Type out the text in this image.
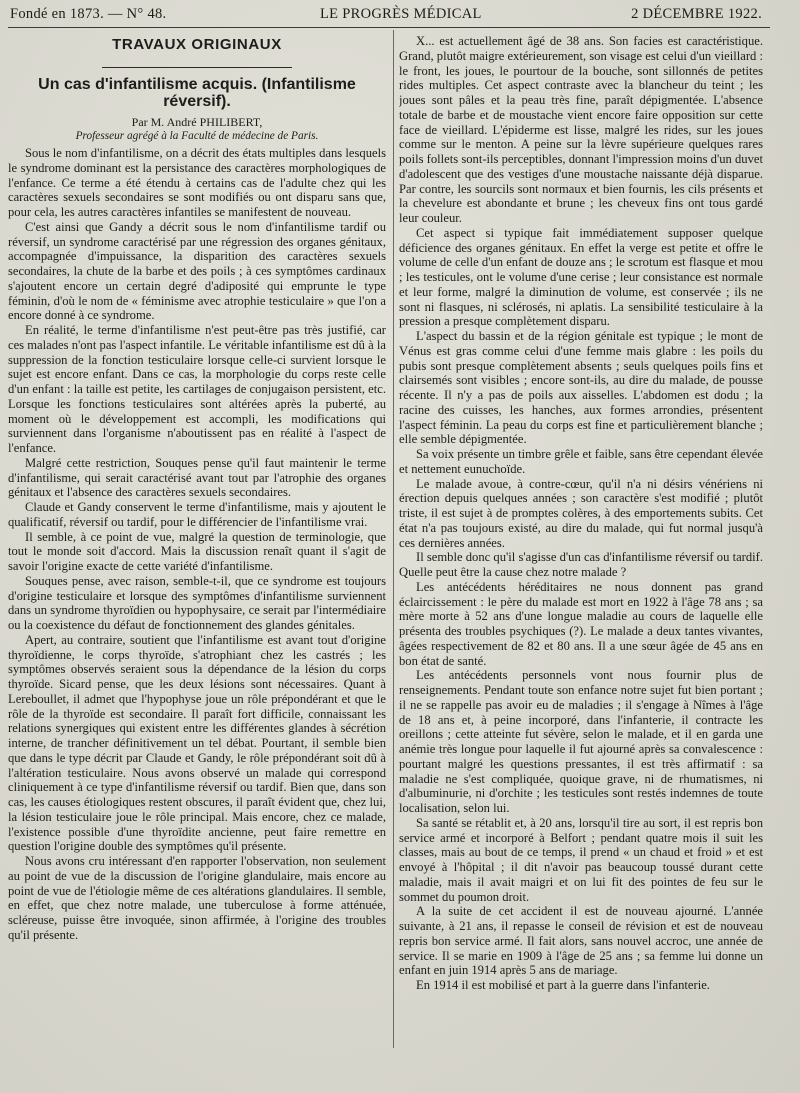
Fondé en 1873. — N° 48.	LE PROGRÈS MÉDICAL	2 DÉCEMBRE 1922.
TRAVAUX ORIGINAUX
Un cas d'infantilisme acquis. (Infantilisme réversif).
Par M. André PHILIBERT,
Professeur agrégé à la Faculté de médecine de Paris.

Sous le nom d'infantilisme, on a décrit des états multiples dans lesquels le syndrome dominant est la persistance des caractères morphologiques de l'enfance. Ce terme a été étendu à certains cas de l'adulte chez qui les caractères sexuels secondaires se sont modifiés ou ont disparu sans que, pour cela, les autres caractères infantiles se manifestent de nouveau.

C'est ainsi que Gandy a décrit sous le nom d'infantilisme tardif ou réversif, un syndrome caractérisé par une régression des organes génitaux, accompagnée d'impuissance, la disparition des caractères sexuels secondaires, la chute de la barbe et des poils ; à ces symptômes cardinaux s'ajoutent encore un certain degré d'adiposité qui emprunte le type féminin, d'où le nom de « féminisme avec atrophie testiculaire » que l'on a encore donné à ce syndrome.

En réalité, le terme d'infantilisme n'est peut-être pas très justifié, car ces malades n'ont pas l'aspect infantile. Le véritable infantilisme est dû à la suppression de la fonction testiculaire lorsque celle-ci survient lorsque le sujet est encore enfant. Dans ce cas, la morphologie du corps reste celle d'un enfant : la taille est petite, les cartilages de conjugaison persistent, etc. Lorsque les fonctions testiculaires sont altérées après la puberté, au moment où le développement est accompli, les modifications qui surviennent dans l'organisme n'aboutissent pas en réalité à l'aspect de l'enfance.

Malgré cette restriction, Souques pense qu'il faut maintenir le terme d'infantilisme, qui serait caractérisé avant tout par l'atrophie des organes génitaux et l'absence des caractères sexuels secondaires.

Claude et Gandy conservent le terme d'infantilisme, mais y ajoutent le qualificatif, réversif ou tardif, pour le différencier de l'infantilisme vrai.

Il semble, à ce point de vue, malgré la question de terminologie, que tout le monde soit d'accord. Mais la discussion renaît quant il s'agit de savoir l'origine exacte de cette variété d'infantilisme.

Souques pense, avec raison, semble-t-il, que ce syndrome est toujours d'origine testiculaire et lorsque des symptômes d'infantilisme surviennent dans un syndrome thyroïdien ou hypophysaire, ce serait par l'intermédiaire ou la coexistence du défaut de fonctionnement des glandes génitales.

Apert, au contraire, soutient que l'infantilisme est avant tout d'origine thyroïdienne, le corps thyroïde, s'atrophiant chez les castrés ; les symptômes observés seraient sous la dépendance de la lésion du corps thyroïde. Sicard pense, que les deux lésions sont nécessaires. Quant à Lereboullet, il admet que l'hypophyse joue un rôle prépondérant et que le rôle de la thyroïde est secondaire. Il paraît fort difficile, connaissant les relations synergiques qui existent entre les différentes glandes à sécrétion interne, de trancher définitivement un tel débat. Pourtant, il semble bien que dans le type décrit par Claude et Gandy, le rôle prépondérant soit dû à l'altération testiculaire. Nous avons observé un malade qui correspond cliniquement à ce type d'infantilisme réversif ou tardif. Bien que, dans son cas, les causes étiologiques restent obscures, il paraît évident que, chez lui, la lésion testiculaire joue le rôle principal. Mais encore, chez ce malade, l'existence possible d'une thyroïdite ancienne, peut faire remettre en question l'origine double des symptômes qu'il présente.

Nous avons cru intéressant d'en rapporter l'observation, non seulement au point de vue de la discussion de l'origine glandulaire, mais encore au point de vue de l'étiologie même de ces altérations glandulaires. Il semble, en effet, que chez notre malade, une tuberculose à forme atténuée, scléreuse, puisse être invoquée, sinon affirmée, à l'origine des troubles qu'il présente.

X... est actuellement âgé de 38 ans. Son facies est caractéristique. Grand, plutôt maigre extérieurement, son visage est celui d'un vieillard : le front, les joues, le pourtour de la bouche, sont sillonnés de petites rides multiples. Cet aspect contraste avec la blancheur du teint ; les joues sont pâles et la peau très fine, paraît dépigmentée. L'absence totale de barbe et de moustache vient encore faire opposition sur cette face de vieillard. L'épiderme est lisse, malgré les rides, sur les joues comme sur le menton. A peine sur la lèvre supérieure quelques rares poils follets sont-ils perceptibles, donnant l'impression moins d'un duvet d'adolescent que des vestiges d'une moustache naissante déjà disparue. Par contre, les sourcils sont normaux et bien fournis, les cils présents et la chevelure est abondante et brune ; les cheveux fins ont tous gardé leur couleur.

Cet aspect si typique fait immédiatement supposer quelque déficience des organes génitaux. En effet la verge est petite et offre le volume de celle d'un enfant de douze ans ; le scrotum est flasque et mou ; les testicules, ont le volume d'une cerise ; leur consistance est normale et leur forme, malgré la diminution de volume, est conservée ; ils ne sont ni flasques, ni sclérosés, ni aplatis. La sensibilité testiculaire à la pression a presque complètement disparu.

L'aspect du bassin et de la région génitale est typique ; le mont de Vénus est gras comme celui d'une femme mais glabre : les poils du pubis sont presque complètement absents ; seuls quelques poils fins et clairsemés sont visibles ; encore sont-ils, au dire du malade, de pousse récente. Il n'y a pas de poils aux aisselles. L'abdomen est dodu ; la racine des cuisses, les hanches, aux formes arrondies, présentent l'aspect féminin. La peau du corps est fine et particulièrement blanche ; elle semble dépigmentée.

Sa voix présente un timbre grêle et faible, sans être cependant élevée et nettement eunuchoïde.

Le malade avoue, à contre-cœur, qu'il n'a ni désirs vénériens ni érection depuis quelques années ; son caractère s'est modifié ; plutôt triste, il est sujet à de promptes colères, à des emportements subits. Cet état n'a pas toujours existé, au dire du malade, qui fut normal jusqu'à ces dernières années.

Il semble donc qu'il s'agisse d'un cas d'infantilisme réversif ou tardif. Quelle peut être la cause chez notre malade ?

Les antécédents héréditaires ne nous donnent pas grand éclaircissement : le père du malade est mort en 1922 à l'âge 78 ans ; sa mère morte à 52 ans d'une longue maladie au cours de laquelle elle présenta des troubles psychiques (?). Le malade a deux tantes vivantes, âgées respectivement de 82 et 80 ans. Il a une sœur âgée de 45 ans en bon état de santé.

Les antécédents personnels vont nous fournir plus de renseignements. Pendant toute son enfance notre sujet fut bien portant ; il ne se rappelle pas avoir eu de maladies ; il s'engage à Nîmes à l'âge de 18 ans et, à peine incorporé, dans l'infanterie, il contracte les oreillons ; cette atteinte fut sévère, selon le malade, et il en garda une anémie très longue pour laquelle il fut ajourné après sa convalescence : pourtant malgré les questions pressantes, il est très affirmatif : sa maladie ne s'est compliquée, quoique grave, ni de rhumatismes, ni d'albuminurie, ni d'orchite ; les testicules sont restés indemnes de toute localisation, selon lui.

Sa santé se rétablit et, à 20 ans, lorsqu'il tire au sort, il est repris bon service armé et incorporé à Belfort ; pendant quatre mois il suit les classes, mais au bout de ce temps, il prend « un chaud et froid » et est envoyé à l'hôpital ; il dit n'avoir pas beaucoup toussé durant cette maladie, mais il avait maigri et on lui fit des pointes de feu sur le sommet du poumon droit.

A la suite de cet accident il est de nouveau ajourné. L'année suivante, à 21 ans, il repasse le conseil de révision et est de nouveau repris bon service armé. Il fait alors, sans nouvel accroc, une année de service. Il se marie en 1909 à l'âge de 25 ans ; sa femme lui donne un enfant en juin 1914 après 5 ans de mariage.

En 1914 il est mobilisé et part à la guerre dans l'infanterie.
